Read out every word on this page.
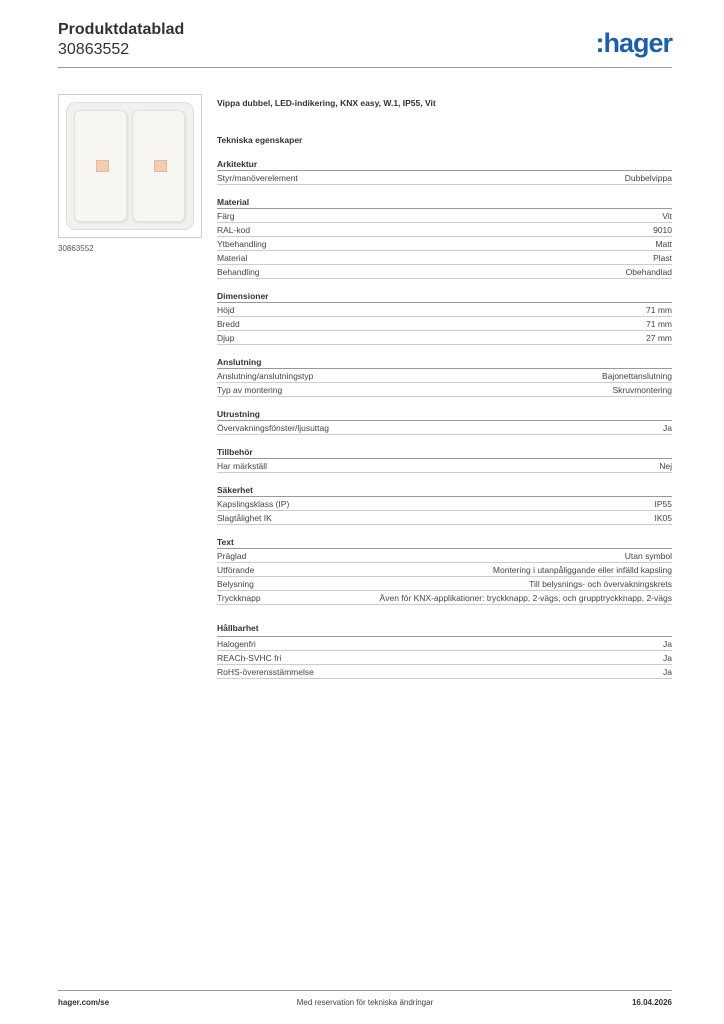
Produktdatablad
30863552	:hager
30863552
Vippa dubbel, LED-indikering, KNX easy, W.1, IP55, Vit
Tekniska egenskaper
Arkitektur
Styr/manöverelement	Dubbelvippa
Material
Färg	Vit
RAL-kod	9010
Ytbehandling	Matt
Material	Plast
Behandling	Obehandlad
Dimensioner
Höjd	71 mm
Bredd	71 mm
Djup	27 mm
Anslutning
Anslutning/anslutningstyp	Bajonettanslutning
Typ av montering	Skruvmontering
Utrustning
Övervakningsfönster/ljusuttag	Ja
Tillbehör
Har märkställ	Nej
Säkerhet
Kapslingsklass (IP)	IP55
Slagtålighet IK	IK05
Text
Präglad	Utan symbol
Utförande	Montering i utanpåliggande eller infälld kapsling
Belysning	Till belysnings- och övervakningskrets
Tryckknapp	Även för KNX-applikationer: tryckknapp, 2-vägs, och grupptryckknapp, 2-vägs
Hållbarhet
Halogenfri	Ja
REACh-SVHC fri	Ja
RoHS-överensstämmelse	Ja
hager.com/se	Med reservation för tekniska ändringar	16.04.2026
